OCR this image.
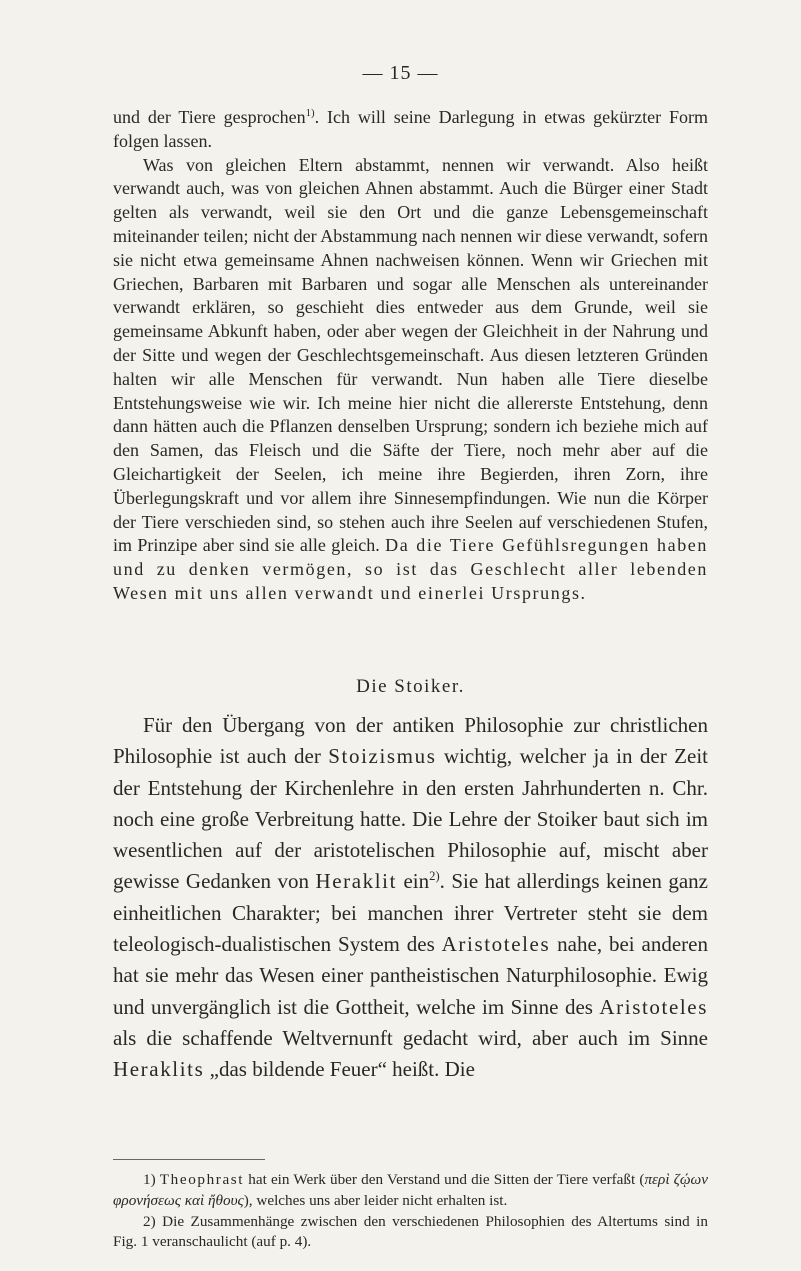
— 15 —

und der Tiere gesprochen$^{1)}$. Ich will seine Darlegung in etwas gekürzter Form folgen lassen.

Was von gleichen Eltern abstammt, nennen wir verwandt. Also heißt verwandt auch, was von gleichen Ahnen abstammt. Auch die Bürger einer Stadt gelten als verwandt, weil sie den Ort und die ganze Lebensgemeinschaft miteinander teilen; nicht der Abstammung nach nennen wir diese verwandt, sofern sie nicht etwa gemeinsame Ahnen nachweisen können. Wenn wir Griechen mit Griechen, Barbaren mit Barbaren und sogar alle Menschen als untereinander verwandt erklären, so geschieht dies entweder aus dem Grunde, weil sie gemeinsame Abkunft haben, oder aber wegen der Gleichheit in der Nahrung und der Sitte und wegen der Geschlechtsgemeinschaft. Aus diesen letzteren Gründen halten wir alle Menschen für verwandt. Nun haben alle Tiere dieselbe Entstehungsweise wie wir. Ich meine hier nicht die allererste Entstehung, denn dann hätten auch die Pflanzen denselben Ursprung; sondern ich beziehe mich auf den Samen, das Fleisch und die Säfte der Tiere, noch mehr aber auf die Gleichartigkeit der Seelen, ich meine ihre Begierden, ihren Zorn, ihre Überlegungskraft und vor allem ihre Sinnesempfindungen. Wie nun die Körper der Tiere verschieden sind, so stehen auch ihre Seelen auf verschiedenen Stufen, im Prinzipe aber sind sie alle gleich. Da die Tiere Gefühlsregungen haben und zu denken vermögen, so ist das Geschlecht aller lebenden Wesen mit uns allen verwandt und einerlei Ursprungs.

Die Stoiker.

Für den Übergang von der antiken Philosophie zur christlichen Philosophie ist auch der Stoizismus wichtig, welcher ja in der Zeit der Entstehung der Kirchenlehre in den ersten Jahrhunderten n. Chr. noch eine große Verbreitung hatte. Die Lehre der Stoiker baut sich im wesentlichen auf der aristotelischen Philosophie auf, mischt aber gewisse Gedanken von Heraklit ein$^{2)}$. Sie hat allerdings keinen ganz einheitlichen Charakter; bei manchen ihrer Vertreter steht sie dem teleologisch-dualistischen System des Aristoteles nahe, bei anderen hat sie mehr das Wesen einer pantheistischen Naturphilosophie. Ewig und unvergänglich ist die Gottheit, welche im Sinne des Aristoteles als die schaffende Weltvernunft gedacht wird, aber auch im Sinne Heraklits „das bildende Feuer“ heißt. Die

1) Theophrast hat ein Werk über den Verstand und die Sitten der Tiere verfaßt (περὶ ζῴων φρονήσεως καὶ ἤθους), welches uns aber leider nicht erhalten ist.

2) Die Zusammenhänge zwischen den verschiedenen Philosophien des Altertums sind in Fig. 1 veranschaulicht (auf p. 4).
